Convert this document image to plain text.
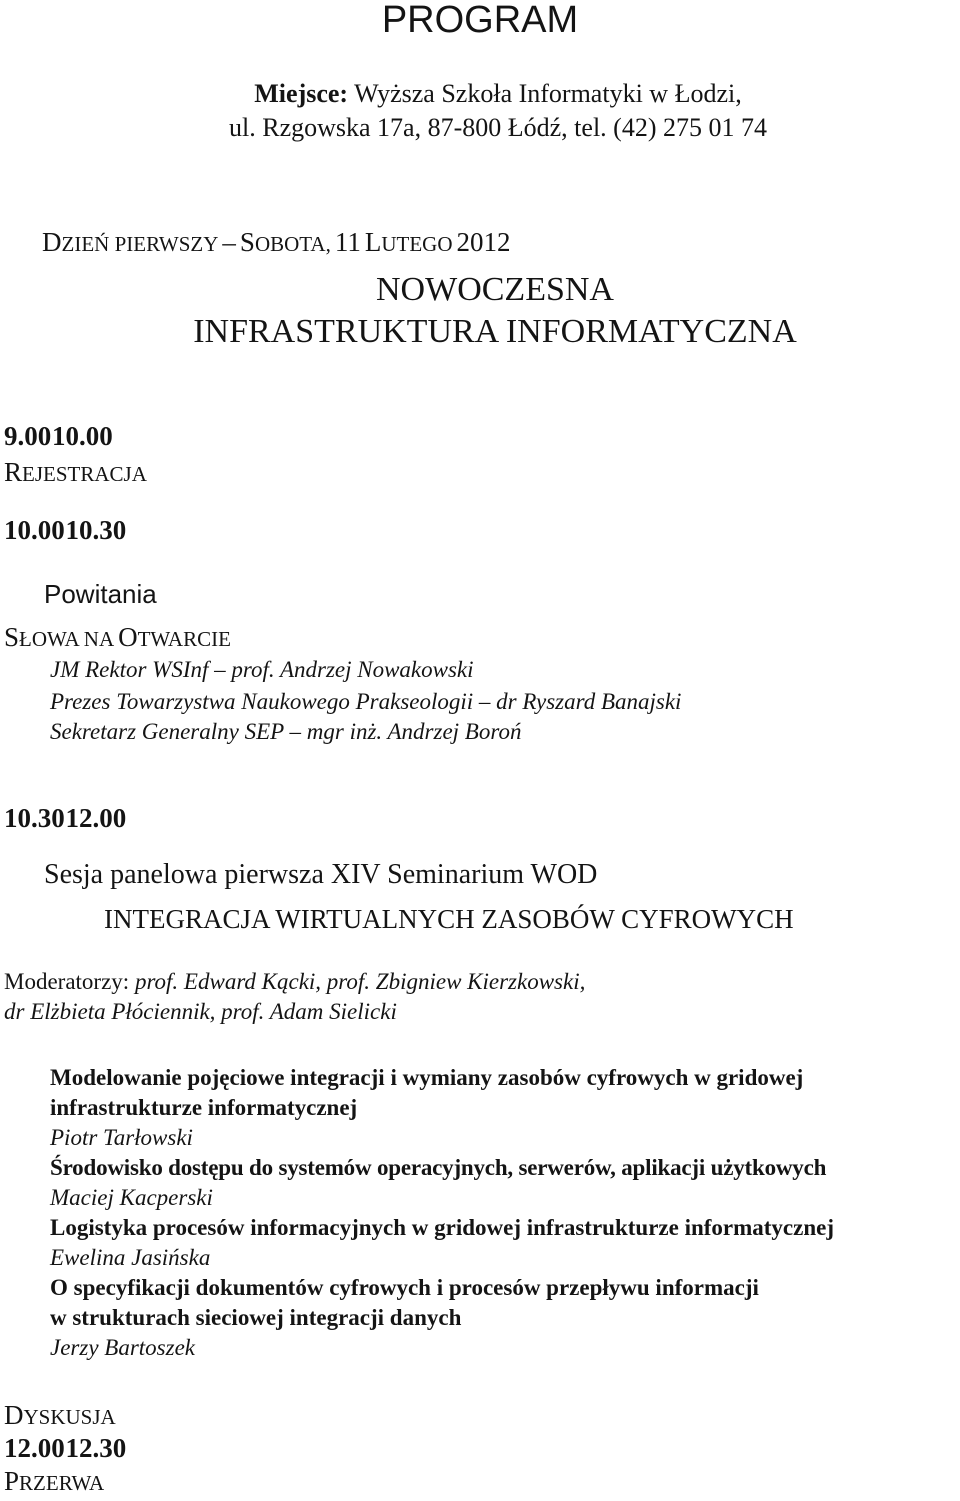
PROGRAM
Miejsce: Wyższa Szkoła Informatyki w Łodzi,
ul. Rzgowska 17a, 87-800 Łódź, tel. (42) 275 01 74
DZIEŃ PIERWSZY – SOBOTA, 11 LUTEGO 2012
NOWOCZESNA
INFRASTRUKTURA INFORMATYCZNA
9.00 10.00
REJESTRACJA
10.00 10.30
Powitania
SŁOWA NA OTWARCIE
JM Rektor WSInf – prof. Andrzej Nowakowski
Prezes Towarzystwa Naukowego Prakseologii – dr Ryszard Banajski
Sekretarz Generalny SEP – mgr inż. Andrzej Boroń
10.30 12.00
Sesja panelowa pierwsza XIV Seminarium WOD
INTEGRACJA WIRTUALNYCH ZASOBÓW CYFROWYCH
Moderatorzy: prof. Edward Kącki, prof. Zbigniew Kierzkowski,
dr Elżbieta Płóciennik, prof. Adam Sielicki
Modelowanie pojęciowe integracji i wymiany zasobów cyfrowych w gridowej
infrastrukturze informatycznej
Piotr Tarłowski
Środowisko dostępu do systemów operacyjnych, serwerów, aplikacji użytkowych
Maciej Kacperski
Logistyka procesów informacyjnych w gridowej infrastrukturze informatycznej
Ewelina Jasińska
O specyfikacji dokumentów cyfrowych i procesów przepływu informacji
w strukturach sieciowej integracji danych
Jerzy Bartoszek
DYSKUSJA
12.00 12.30
PRZERWA
